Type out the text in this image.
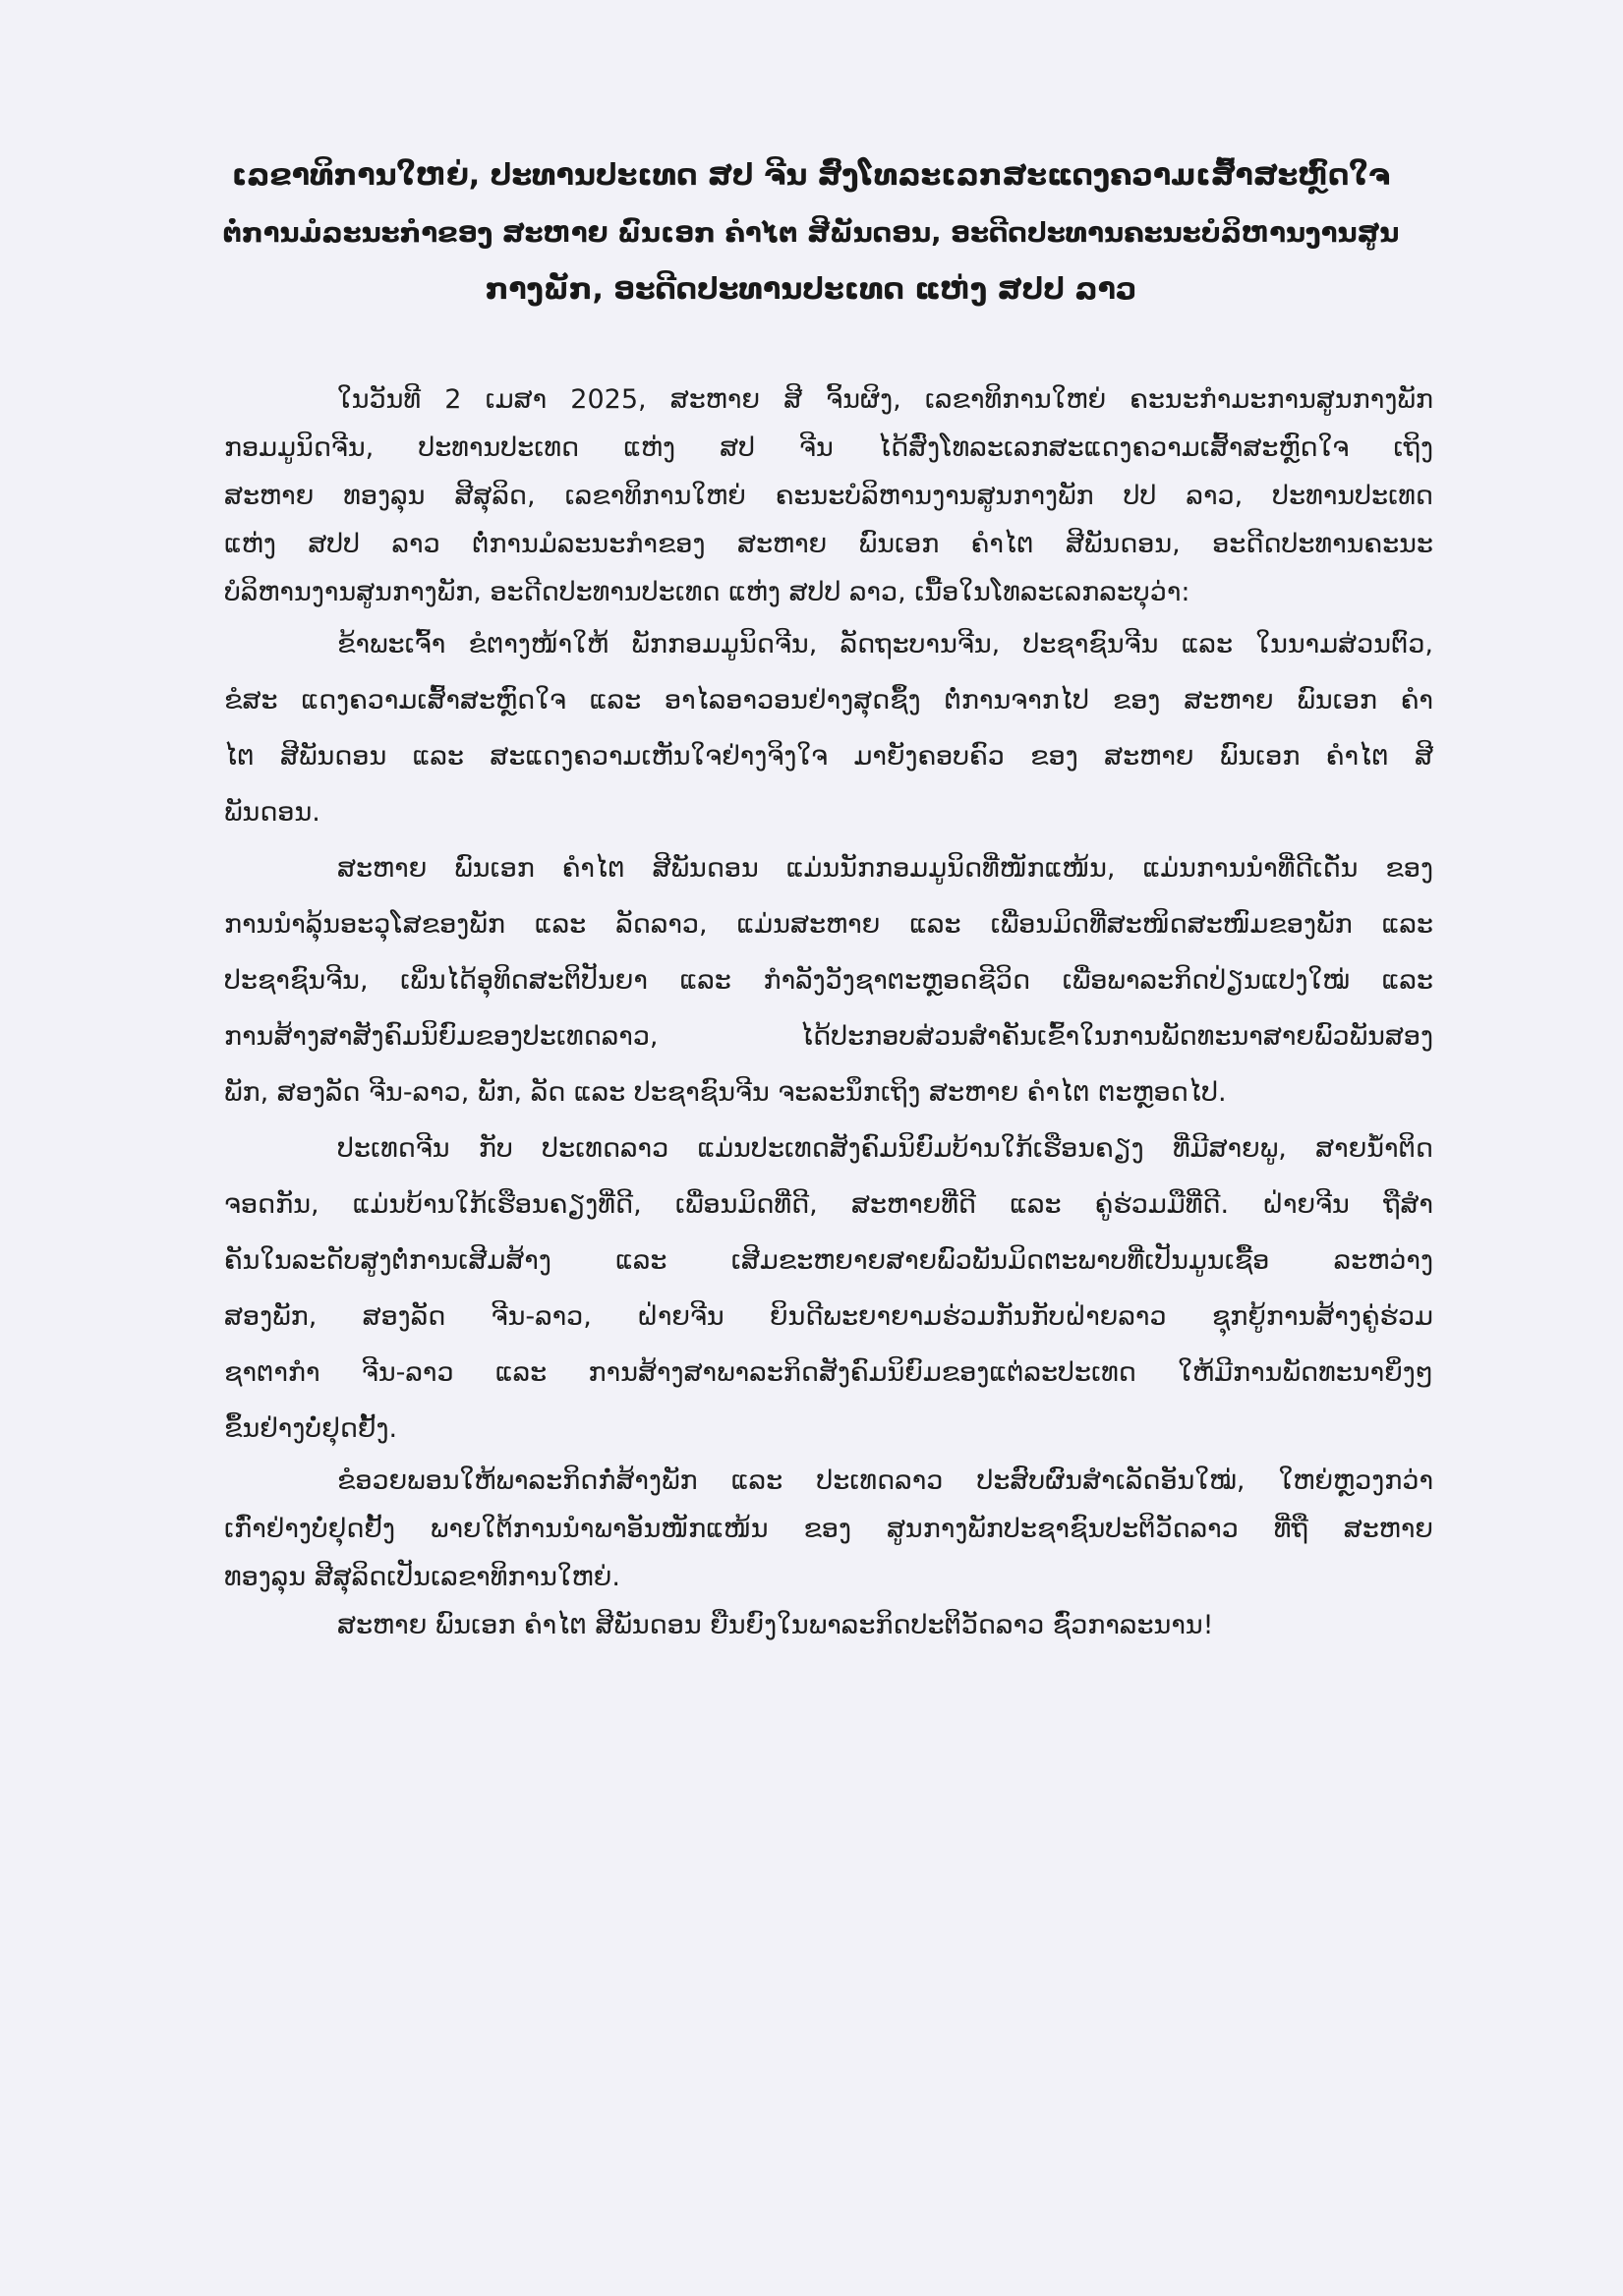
ເລຂາທິການໃຫຍ່, ປະທານປະເທດ ສປ ຈີນ ສົ່ງໂທລະເລກສະແດງຄວາມເສົ້າສະຫຼົດໃຈ
ຕໍ່ການມໍລະນະກຳຂອງ ສະຫາຍ ພົນເອກ ຄຳໄຕ ສີພັນດອນ, ອະດີດປະທານຄະນະບໍລິຫານງານສູນ
ກາງພັກ, ອະດີດປະທານປະເທດ ແຫ່ງ ສປປ ລາວ
ໃນວັນທີ 2 ເມສາ 2025, ສະຫາຍ ສີ ຈິ້ນຜິງ, ເລຂາທິການໃຫຍ່ ຄະນະກຳມະການສູນກາງພັກ
ກອມມູນິດຈີນ, ປະທານປະເທດ ແຫ່ງ ສປ ຈີນ ໄດ້ສົ່ງໂທລະເລກສະແດງຄວາມເສົ້າສະຫຼົດໃຈ ເຖິງ
ສະຫາຍ ທອງລຸນ ສີສຸລິດ, ເລຂາທິການໃຫຍ່ ຄະນະບໍລິຫານງານສູນກາງພັກ ປປ ລາວ, ປະທານປະເທດ
ແຫ່ງ ສປປ ລາວ ຕໍ່ການມໍລະນະກຳຂອງ ສະຫາຍ ພົນເອກ ຄຳໄຕ ສີພັນດອນ, ອະດີດປະທານຄະນະ
ບໍລິຫານງານສູນກາງພັກ, ອະດີດປະທານປະເທດ ແຫ່ງ ສປປ ລາວ, ເນື້ອໃນໂທລະເລກລະບຸວ່າ:
ຂ້າພະເຈົ້າ ຂໍຕາງໜ້າໃຫ້ ພັກກອມມູນິດຈີນ, ລັດຖະບານຈີນ, ປະຊາຊົນຈີນ ແລະ ໃນນາມສ່ວນຕົວ,
ຂໍສະ ແດງຄວາມເສົ້າສະຫຼົດໃຈ ແລະ ອາໄລອາວອນຢ່າງສຸດຊຶ້ງ ຕໍ່ການຈາກໄປ ຂອງ ສະຫາຍ ພົນເອກ ຄຳ
ໄຕ ສີພັນດອນ ແລະ ສະແດງຄວາມເຫັນໃຈຢ່າງຈິງໃຈ ມາຍັງຄອບຄົວ ຂອງ ສະຫາຍ ພົນເອກ ຄຳໄຕ ສີ
ພັນດອນ.
ສະຫາຍ ພົນເອກ ຄຳໄຕ ສີພັນດອນ ແມ່ນນັກກອມມູນິດທີ່ໜັກແໜ້ນ, ແມ່ນການນຳທີ່ດີເດັ່ນ ຂອງ
ການນຳລຸ້ນອະວຸໂສຂອງພັກ ແລະ ລັດລາວ, ແມ່ນສະຫາຍ ແລະ ເພື່ອນມິດທີ່ສະໜິດສະໜົມຂອງພັກ ແລະ
ປະຊາຊົນຈີນ, ເພິ່ນໄດ້ອຸທິດສະຕິປັນຍາ ແລະ ກຳລັງວັງຊາຕະຫຼອດຊີວິດ ເພື່ອພາລະກິດປ່ຽນແປງໃໝ່ ແລະ
ການສ້າງສາສັງຄົມນິຍົມຂອງປະເທດລາວ, ໄດ້ປະກອບສ່ວນສຳຄັນເຂົ້າໃນການພັດທະນາສາຍພົວພັນສອງ
ພັກ, ສອງລັດ ຈີນ-ລາວ, ພັກ, ລັດ ແລະ ປະຊາຊົນຈີນ ຈະລະນຶກເຖິງ ສະຫາຍ ຄຳໄຕ ຕະຫຼອດໄປ.
ປະເທດຈີນ ກັບ ປະເທດລາວ ແມ່ນປະເທດສັງຄົມນິຍົມບ້ານໃກ້ເຮືອນຄຽງ ທີ່ມີສາຍພູ, ສາຍນ້ຳຕິດ
ຈອດກັນ, ແມ່ນບ້ານໃກ້ເຮືອນຄຽງທີ່ດີ, ເພື່ອນມິດທີ່ດີ, ສະຫາຍທີ່ດີ ແລະ ຄູ່ຮ່ວມມືທີ່ດີ. ຝ່າຍຈີນ ຖືສຳ
ຄັນໃນລະດັບສູງຕໍ່ການເສີມສ້າງ ແລະ ເສີມຂະຫຍາຍສາຍພົວພັນມິດຕະພາບທີ່ເປັນມູນເຊື້ອ ລະຫວ່າງ
ສອງພັກ, ສອງລັດ ຈີນ-ລາວ, ຝ່າຍຈີນ ຍິນດີພະຍາຍາມຮ່ວມກັນກັບຝ່າຍລາວ ຊຸກຍູ້ການສ້າງຄູ່ຮ່ວມ
ຊາຕາກຳ ຈີນ-ລາວ ແລະ ການສ້າງສາພາລະກິດສັງຄົມນິຍົມຂອງແຕ່ລະປະເທດ ໃຫ້ມີການພັດທະນາຍິ່ງໆ
ຂຶ້ນຢ່າງບໍ່ຢຸດຢັ້ງ.
ຂໍອວຍພອນໃຫ້ພາລະກິດກໍ່ສ້າງພັກ ແລະ ປະເທດລາວ ປະສົບຜົນສຳເລັດອັນໃໝ່, ໃຫຍ່ຫຼວງກວ່າ
ເກົ່າຢ່າງບໍ່ຢຸດຢັ້ງ ພາຍໃຕ້ການນຳພາອັນໜັກແໜ້ນ ຂອງ ສູນກາງພັກປະຊາຊົນປະຕິວັດລາວ ທີ່ຖື ສະຫາຍ
ທອງລຸນ ສີສຸລິດເປັນເລຂາທິການໃຫຍ່.
ສະຫາຍ ພົນເອກ ຄຳໄຕ ສີພັນດອນ ຍືນຍົງໃນພາລະກິດປະຕິວັດລາວ ຊົ່ວກາລະນານ!
